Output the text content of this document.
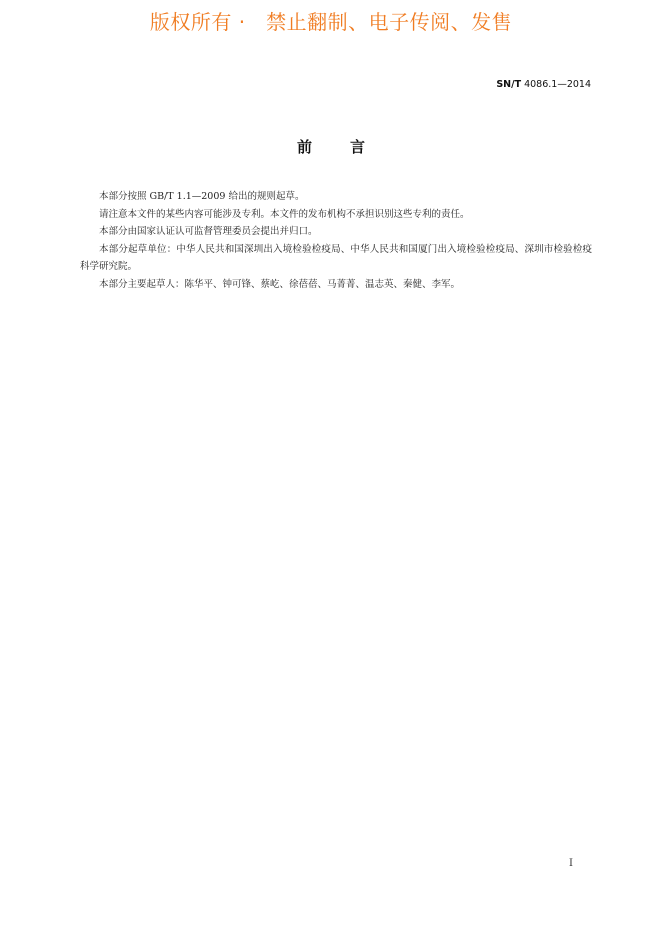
版权所有 ·   禁止翻制、电子传阅、发售
SN/T 4086.1—2014
前言

本部分按照 GB/T 1.1—2009 给出的规则起草。

请注意本文件的某些内容可能涉及专利。本文件的发布机构不承担识别这些专利的责任。

本部分由国家认证认可监督管理委员会提出并归口。

本部分起草单位：中华人民共和国深圳出入境检验检疫局、中华人民共和国厦门出入境检验检疫局、深圳市检验检疫科学研究院。

本部分主要起草人：陈华平、钟可锋、蔡屹、徐蓓蓓、马菁菁、温志英、秦健、李军。

I
